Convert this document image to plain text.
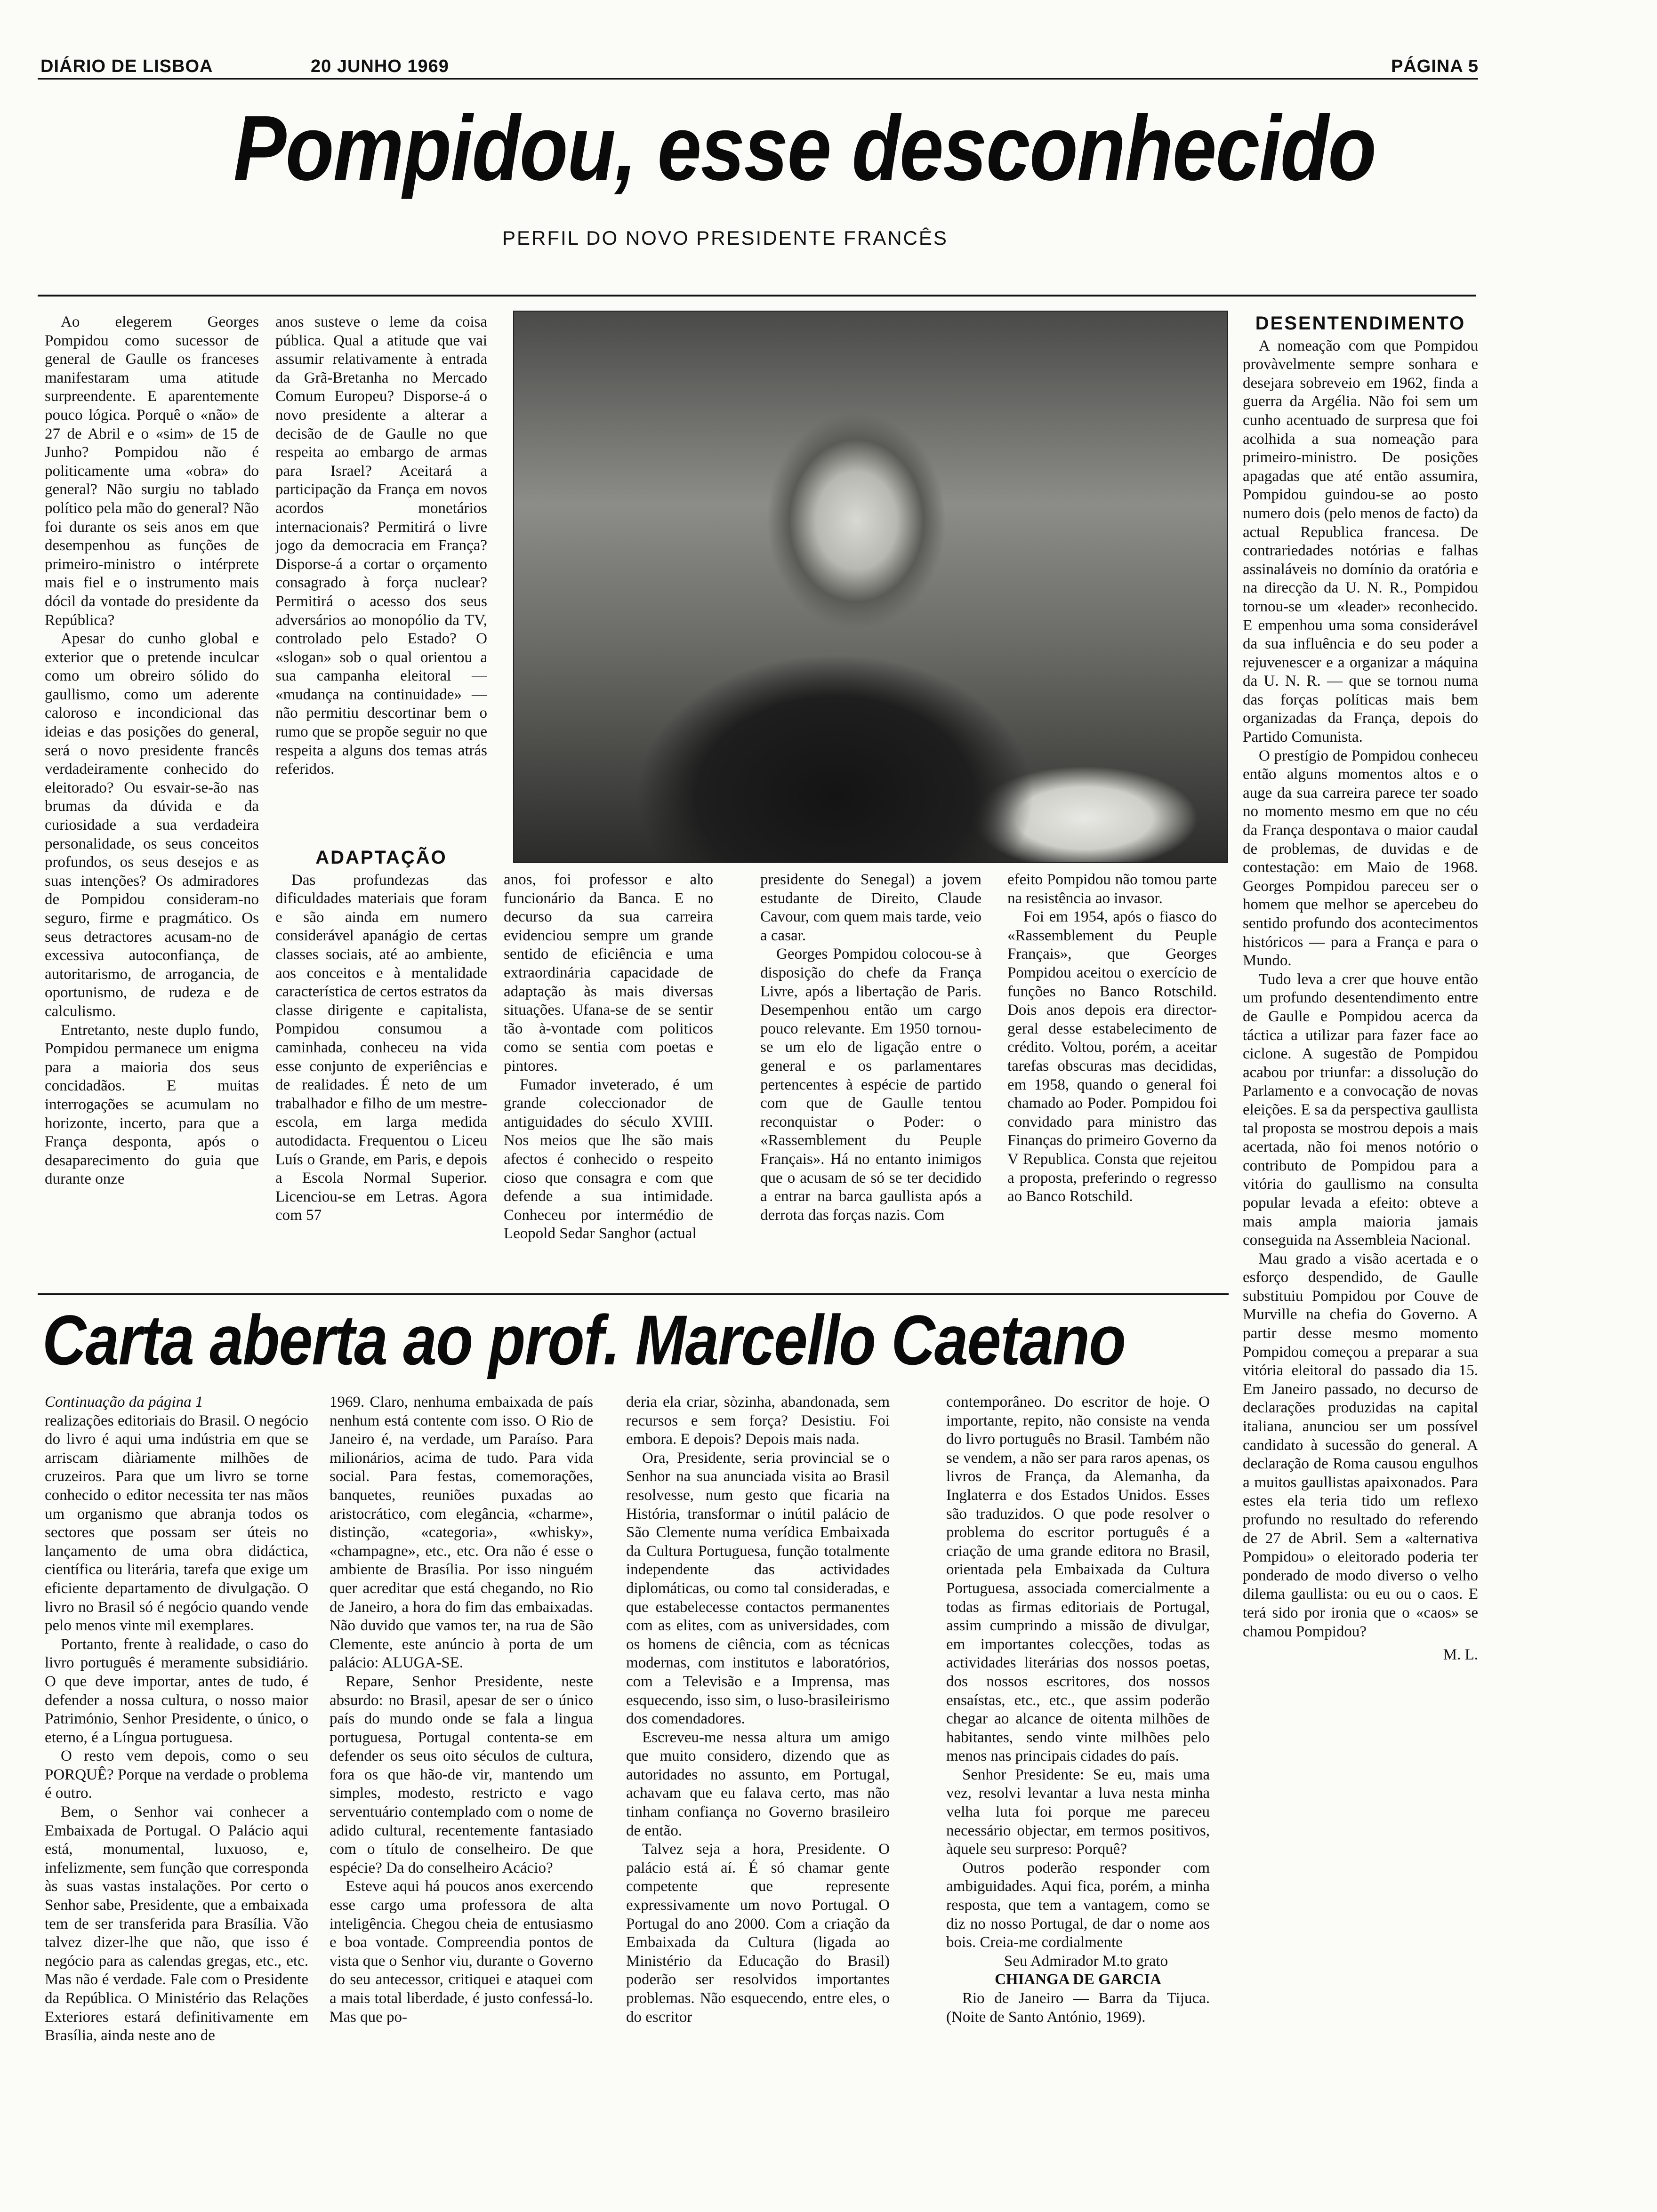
DIÁRIO DE LISBOA	20 JUNHO 1969	PÁGINA 5
Pompidou, esse desconhecido
PERFIL DO NOVO PRESIDENTE FRANCÊS

Ao elegerem Georges Pompidou como sucessor de general de Gaulle os franceses manifestaram uma atitude surpreendente. E aparentemente pouco lógica. Porquê o «não» de 27 de Abril e o «sim» de 15 de Junho? Pompidou não é politicamente uma «obra» do general? Não surgiu no tablado político pela mão do general? Não foi durante os seis anos em que desempenhou as funções de primeiro-ministro o intérprete mais fiel e o instrumento mais dócil da vontade do presidente da República?

Apesar do cunho global e exterior que o pretende inculcar como um obreiro sólido do gaullismo, como um aderente caloroso e incondicional das ideias e das posições do general, será o novo presidente francês verdadeiramente conhecido do eleitorado? Ou esvair-se-ão nas brumas da dúvida e da curiosidade a sua verdadeira personalidade, os seus conceitos profundos, os seus desejos e as suas intenções? Os admiradores de Pompidou consideram-no seguro, firme e pragmático. Os seus detractores acusam-no de excessiva autoconfiança, de autoritarismo, de arrogancia, de oportunismo, de rudeza e de calculismo.

Entretanto, neste duplo fundo, Pompidou permanece um enigma para a maioria dos seus concidadãos. E muitas interrogações se acumulam no horizonte, incerto, para que a França desponta, após o desaparecimento do guia que durante onze

anos susteve o leme da coisa pública. Qual a atitude que vai assumir relativamente à entrada da Grã-Bretanha no Mercado Comum Europeu? Disporse-á o novo presidente a alterar a decisão de de Gaulle no que respeita ao embargo de armas para Israel? Aceitará a participação da França em novos acordos monetários internacionais? Permitirá o livre jogo da democracia em França? Disporse-á a cortar o orçamento consagrado à força nuclear? Permitirá o acesso dos seus adversários ao monopólio da TV, controlado pelo Estado? O «slogan» sob o qual orientou a sua campanha eleitoral — «mudança na continuidade» — não permitiu descortinar bem o rumo que se propõe seguir no que respeita a alguns dos temas atrás referidos.

ADAPTAÇÃO

Das profundezas das dificuldades materiais que foram e são ainda em numero considerável apanágio de certas classes sociais, até ao ambiente, aos conceitos e à mentalidade característica de certos estratos da classe dirigente e capitalista, Pompidou consumou a caminhada, conheceu na vida esse conjunto de experiências e de realidades. É neto de um trabalhador e filho de um mestre-escola, em larga medida autodidacta. Frequentou o Liceu Luís o Grande, em Paris, e depois a Escola Normal Superior. Licenciou-se em Letras. Agora com 57

anos, foi professor e alto funcionário da Banca. E no decurso da sua carreira evidenciou sempre um grande sentido de eficiência e uma extraordinária capacidade de adaptação às mais diversas situações. Ufana-se de se sentir tão à-vontade com politicos como se sentia com poetas e pintores.

Fumador inveterado, é um grande coleccionador de antiguidades do século XVIII. Nos meios que lhe são mais afectos é conhecido o respeito cioso que consagra e com que defende a sua intimidade. Conheceu por intermédio de Leopold Sedar Sanghor (actual

presidente do Senegal) a jovem estudante de Direito, Claude Cavour, com quem mais tarde, veio a casar.

Georges Pompidou colocou-se à disposição do chefe da França Livre, após a libertação de Paris. Desempenhou então um cargo pouco relevante. Em 1950 tornou-se um elo de ligação entre o general e os parlamentares pertencentes à espécie de partido com que de Gaulle tentou reconquistar o Poder: o «Rassemblement du Peuple Français». Há no entanto inimigos que o acusam de só se ter decidido a entrar na barca gaullista após a derrota das forças nazis. Com

efeito Pompidou não tomou parte na resistência ao invasor.

Foi em 1954, após o fiasco do «Rassemblement du Peuple Français», que Georges Pompidou aceitou o exercício de funções no Banco Rotschild. Dois anos depois era director-geral desse estabelecimento de crédito. Voltou, porém, a aceitar tarefas obscuras mas decididas, em 1958, quando o general foi chamado ao Poder. Pompidou foi convidado para ministro das Finanças do primeiro Governo da V Republica. Consta que rejeitou a proposta, preferindo o regresso ao Banco Rotschild.

DESENTENDIMENTO

A nomeação com que Pompidou provàvelmente sempre sonhara e desejara sobreveio em 1962, finda a guerra da Argélia. Não foi sem um cunho acentuado de surpresa que foi acolhida a sua nomeação para primeiro-ministro. De posições apagadas que até então assumira, Pompidou guindou-se ao posto numero dois (pelo menos de facto) da actual Republica francesa. De contrariedades notórias e falhas assinaláveis no domínio da oratória e na direcção da U. N. R., Pompidou tornou-se um «leader» reconhecido. E empenhou uma soma considerável da sua influência e do seu poder a rejuvenescer e a organizar a máquina da U. N. R. — que se tornou numa das forças políticas mais bem organizadas da França, depois do Partido Comunista.

O prestígio de Pompidou conheceu então alguns momentos altos e o auge da sua carreira parece ter soado no momento mesmo em que no céu da França despontava o maior caudal de problemas, de duvidas e de contestação: em Maio de 1968. Georges Pompidou pareceu ser o homem que melhor se apercebeu do sentido profundo dos acontecimentos históricos — para a França e para o Mundo.

Tudo leva a crer que houve então um profundo desentendimento entre de Gaulle e Pompidou acerca da táctica a utilizar para fazer face ao ciclone. A sugestão de Pompidou acabou por triunfar: a dissolução do Parlamento e a convocação de novas eleições. E sa da perspectiva gaullista tal proposta se mostrou depois a mais acertada, não foi menos notório o contributo de Pompidou para a vitória do gaullismo na consulta popular levada a efeito: obteve a mais ampla maioria jamais conseguida na Assembleia Nacional.

Mau grado a visão acertada e o esforço despendido, de Gaulle substituiu Pompidou por Couve de Murville na chefia do Governo. A partir desse mesmo momento Pompidou começou a preparar a sua vitória eleitoral do passado dia 15. Em Janeiro passado, no decurso de declarações produzidas na capital italiana, anunciou ser um possível candidato à sucessão do general. A declaração de Roma causou engulhos a muitos gaullistas apaixonados. Para estes ela teria tido um reflexo profundo no resultado do referendo de 27 de Abril. Sem a «alternativa Pompidou» o eleitorado poderia ter ponderado de modo diverso o velho dilema gaullista: ou eu ou o caos. E terá sido por ironia que o «caos» se chamou Pompidou?

M. L.
Carta aberta ao prof. Marcello Caetano

Continuação da página 1

realizações editoriais do Brasil. O negócio do livro é aqui uma indústria em que se arriscam diàriamente milhões de cruzeiros. Para que um livro se torne conhecido o editor necessita ter nas mãos um organismo que abranja todos os sectores que possam ser úteis no lançamento de uma obra didáctica, científica ou literária, tarefa que exige um eficiente departamento de divulgação. O livro no Brasil só é negócio quando vende pelo menos vinte mil exemplares.

Portanto, frente à realidade, o caso do livro português é meramente subsidiário. O que deve importar, antes de tudo, é defender a nossa cultura, o nosso maior Património, Senhor Presidente, o único, o eterno, é a Língua portuguesa.

O resto vem depois, como o seu PORQUÊ? Porque na verdade o problema é outro.

Bem, o Senhor vai conhecer a Embaixada de Portugal. O Palácio aqui está, monumental, luxuoso, e, infelizmente, sem função que corresponda às suas vastas instalações. Por certo o Senhor sabe, Presidente, que a embaixada tem de ser transferida para Brasília. Vão talvez dizer-lhe que não, que isso é negócio para as calendas gregas, etc., etc. Mas não é verdade. Fale com o Presidente da República. O Ministério das Relações Exteriores estará definitivamente em Brasília, ainda neste ano de

1969. Claro, nenhuma embaixada de país nenhum está contente com isso. O Rio de Janeiro é, na verdade, um Paraíso. Para milionários, acima de tudo. Para vida social. Para festas, comemorações, banquetes, reuniões puxadas ao aristocrático, com elegância, «charme», distinção, «categoria», «whisky», «champagne», etc., etc. Ora não é esse o ambiente de Brasília. Por isso ninguém quer acreditar que está chegando, no Rio de Janeiro, a hora do fim das embaixadas. Não duvido que vamos ter, na rua de São Clemente, este anúncio à porta de um palácio: ALUGA-SE.

Repare, Senhor Presidente, neste absurdo: no Brasil, apesar de ser o único país do mundo onde se fala a lingua portuguesa, Portugal contenta-se em defender os seus oito séculos de cultura, fora os que hão-de vir, mantendo um simples, modesto, restricto e vago serventuário contemplado com o nome de adido cultural, recentemente fantasiado com o título de conselheiro. De que espécie? Da do conselheiro Acácio?

Esteve aqui há poucos anos exercendo esse cargo uma professora de alta inteligência. Chegou cheia de entusiasmo e boa vontade. Compreendia pontos de vista que o Senhor viu, durante o Governo do seu antecessor, critiquei e ataquei com a mais total liberdade, é justo confessá-lo. Mas que po-

deria ela criar, sòzinha, abandonada, sem recursos e sem força? Desistiu. Foi embora. E depois? Depois mais nada.

Ora, Presidente, seria provincial se o Senhor na sua anunciada visita ao Brasil resolvesse, num gesto que ficaria na História, transformar o inútil palácio de São Clemente numa verídica Embaixada da Cultura Portuguesa, função totalmente independente das actividades diplomáticas, ou como tal consideradas, e que estabelecesse contactos permanentes com as elites, com as universidades, com os homens de ciência, com as técnicas modernas, com institutos e laboratórios, com a Televisão e a Imprensa, mas esquecendo, isso sim, o luso-brasileirismo dos comendadores.

Escreveu-me nessa altura um amigo que muito considero, dizendo que as autoridades no assunto, em Portugal, achavam que eu falava certo, mas não tinham confiança no Governo brasileiro de então.

Talvez seja a hora, Presidente. O palácio está aí. É só chamar gente competente que represente expressivamente um novo Portugal. O Portugal do ano 2000. Com a criação da Embaixada da Cultura (ligada ao Ministério da Educação do Brasil) poderão ser resolvidos importantes problemas. Não esquecendo, entre eles, o do escritor

contemporâneo. Do escritor de hoje. O importante, repito, não consiste na venda do livro português no Brasil. Também não se vendem, a não ser para raros apenas, os livros de França, da Alemanha, da Inglaterra e dos Estados Unidos. Esses são traduzidos. O que pode resolver o problema do escritor português é a criação de uma grande editora no Brasil, orientada pela Embaixada da Cultura Portuguesa, associada comercialmente a todas as firmas editoriais de Portugal, assim cumprindo a missão de divulgar, em importantes colecções, todas as actividades literárias dos nossos poetas, dos nossos escritores, dos nossos ensaístas, etc., etc., que assim poderão chegar ao alcance de oitenta milhões de habitantes, sendo vinte milhões pelo menos nas principais cidades do país.

Senhor Presidente: Se eu, mais uma vez, resolvi levantar a luva nesta minha velha luta foi porque me pareceu necessário objectar, em termos positivos, àquele seu surpreso: Porquê?

Outros poderão responder com ambiguidades. Aqui fica, porém, a minha resposta, que tem a vantagem, como se diz no nosso Portugal, de dar o nome aos bois. Creia-me cordialmente

Seu Admirador M.to grato

CHIANGA DE GARCIA

Rio de Janeiro — Barra da Tijuca. (Noite de Santo António, 1969).
